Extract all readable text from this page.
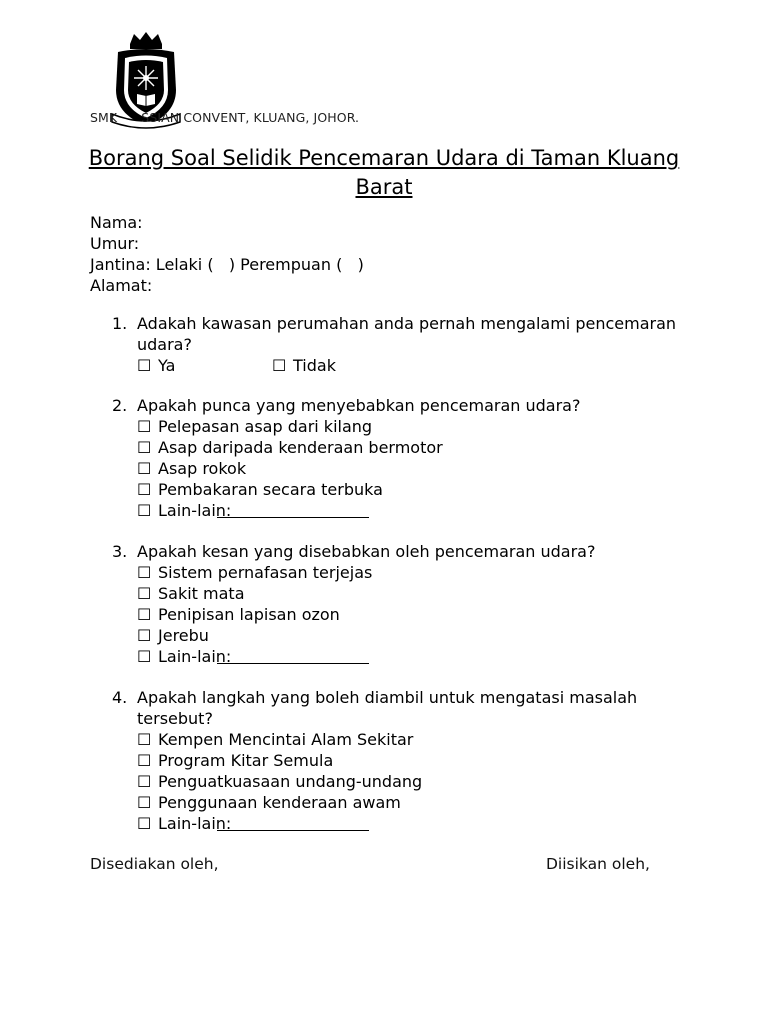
SMK SSIAN CONVENT, KLUANG, JOHOR.
Borang Soal Selidik Pencemaran Udara di Taman Kluang Barat
Nama:
Umur:
Jantina: Lelaki (   ) Perempuan (   )
Alamat:
1. Adakah kawasan perumahan anda pernah mengalami pencemaran udara?
☐ Ya	☐ Tidak
2. Apakah punca yang menyebabkan pencemaran udara?
☐ Pelepasan asap dari kilang
☐ Asap daripada kenderaan bermotor
☐ Asap rokok
☐ Pembakaran secara terbuka
☐ Lain-lain:
3. Apakah kesan yang disebabkan oleh pencemaran udara?
☐ Sistem pernafasan terjejas
☐ Sakit mata
☐ Penipisan lapisan ozon
☐ Jerebu
☐ Lain-lain:
4. Apakah langkah yang boleh diambil untuk mengatasi masalah tersebut?
☐ Kempen Mencintai Alam Sekitar
☐ Program Kitar Semula
☐ Penguatkuasaan undang-undang
☐ Penggunaan kenderaan awam
☐ Lain-lain:
Disediakan oleh,	Diisikan oleh,
